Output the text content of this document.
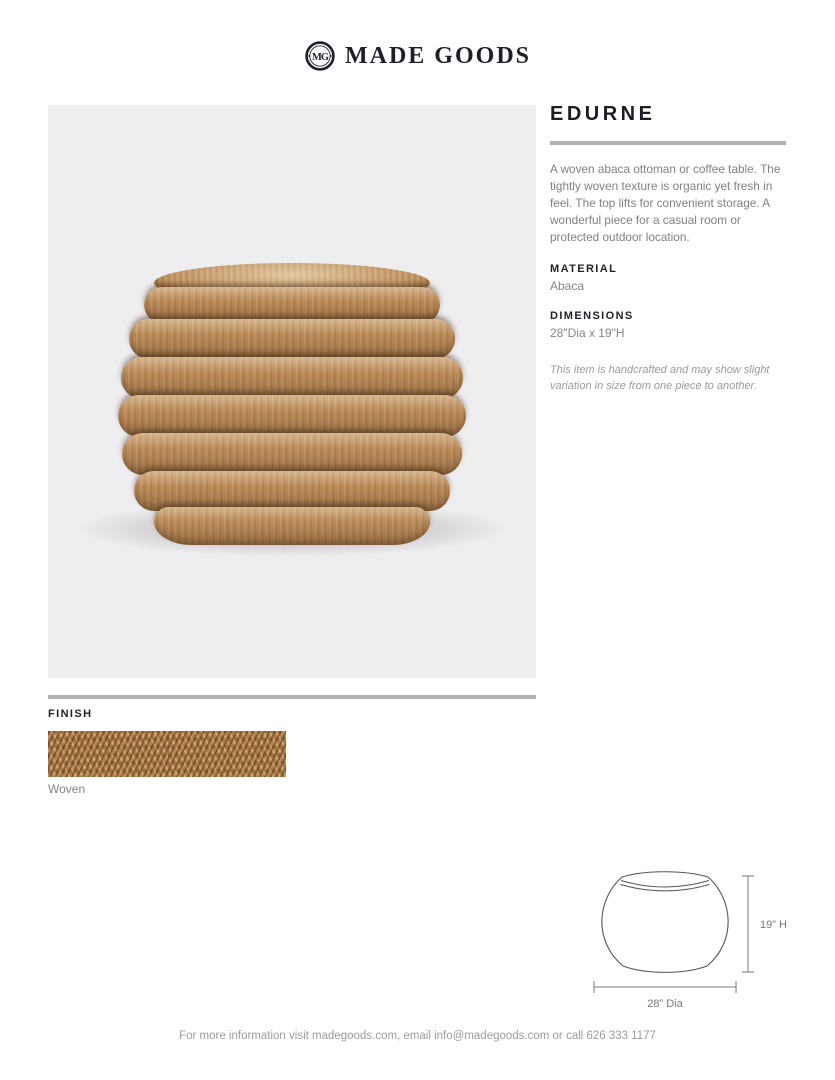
MG MADE GOODS
EDURNE

A woven abaca ottoman or coffee table. The tightly woven texture is organic yet fresh in feel. The top lifts for convenient storage. A wonderful piece for a casual room or protected outdoor location.

MATERIAL
Abaca
DIMENSIONS
28"Dia x 19"H

This item is handcrafted and may show slight variation in size from one piece to another.

FINISH
Woven
19” H
28” Dia
For more information visit madegoods.com, email info@madegoods.com or call 626 333 1177
